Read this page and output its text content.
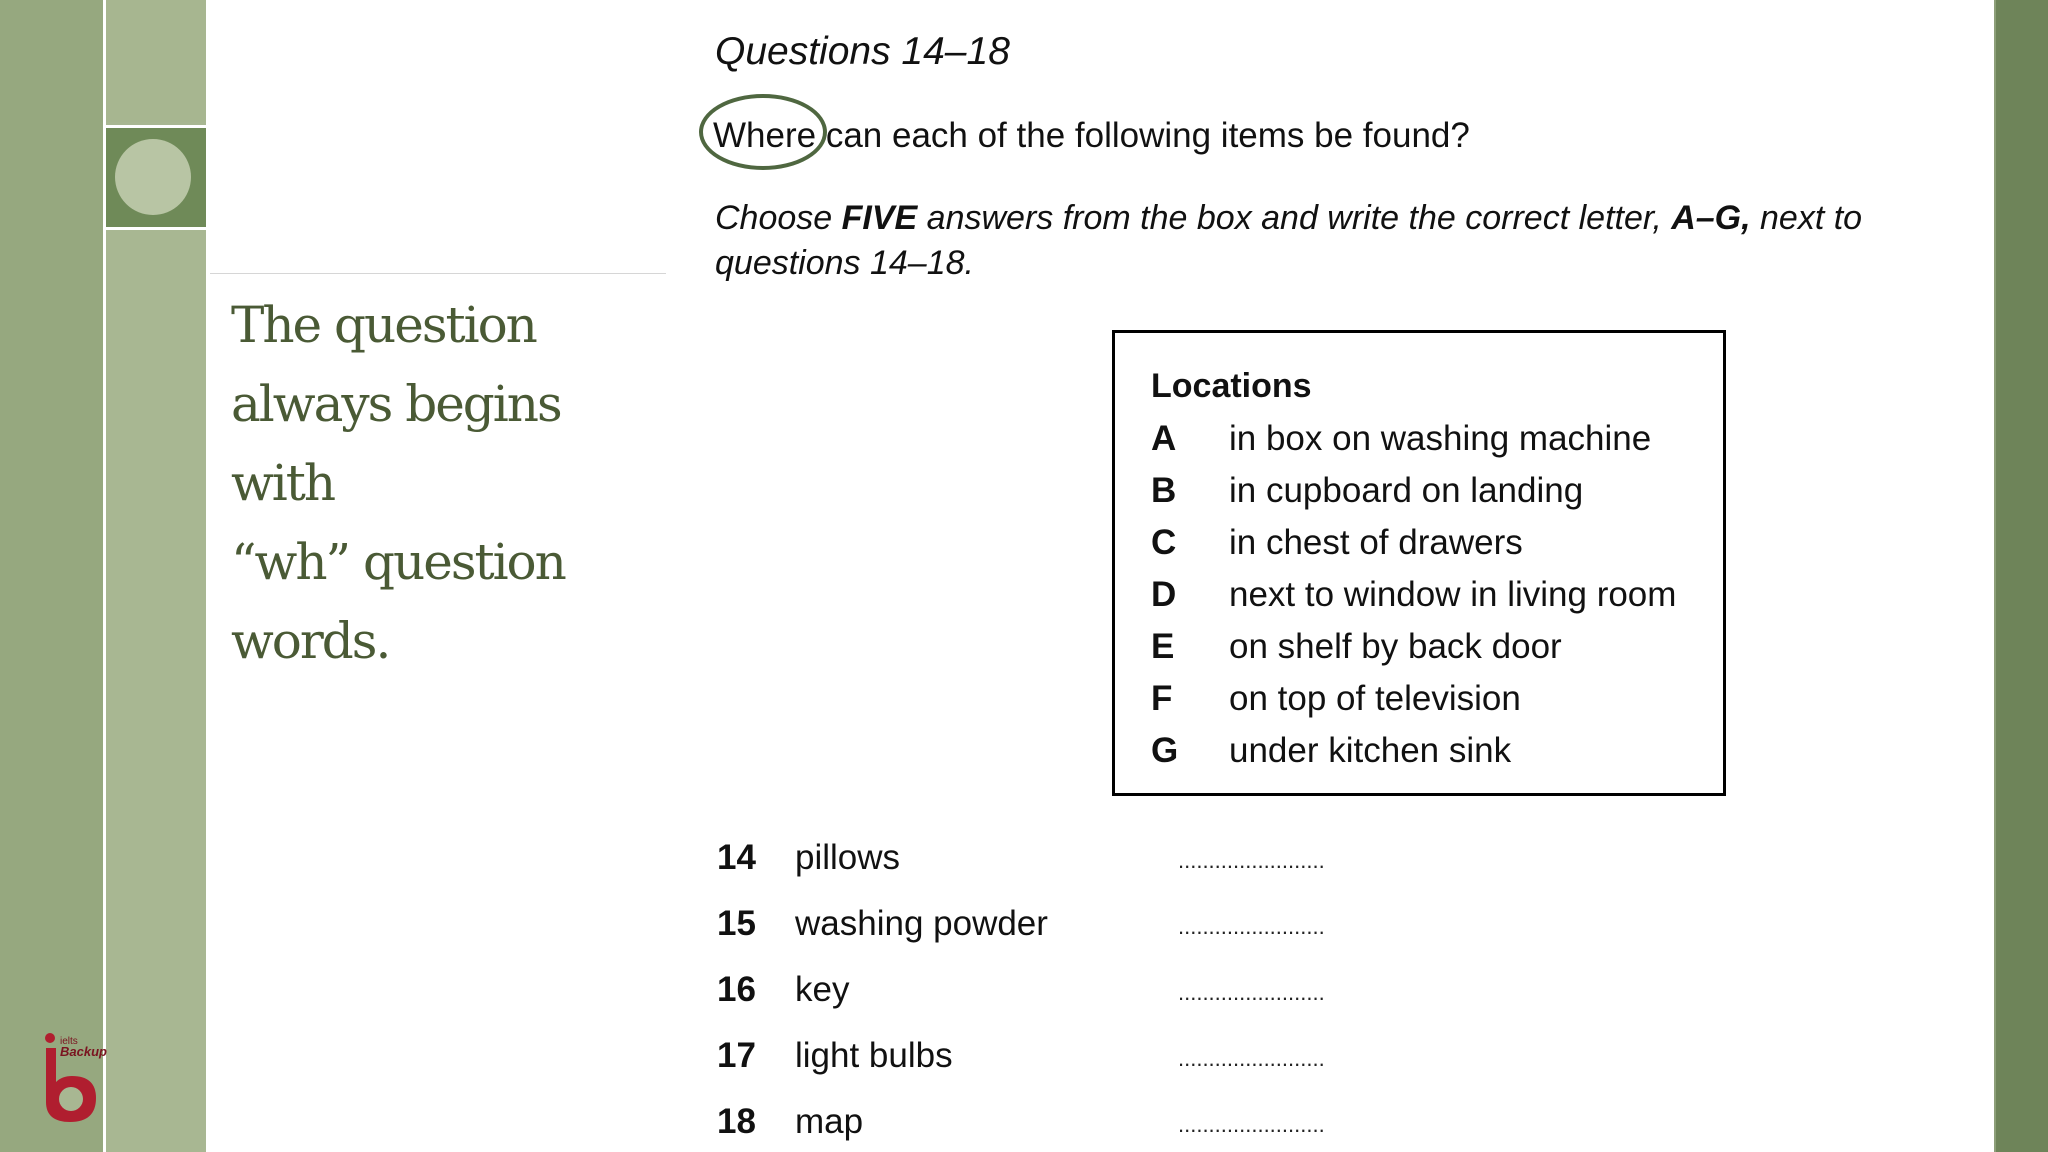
The question
always begins with
“wh” question
words.
ielts
Backup
Questions 14–18
Where can each of the following items be found?
Choose FIVE answers from the box and write the correct letter, A–G, next to questions 14–18.
Locations
A in box on washing machine
B in cupboard on landing
C in chest of drawers
D next to window in living room
E on shelf by back door
F on top of television
G under kitchen sink
14 pillows	........................
15 washing powder	........................
16 key	........................
17 light bulbs	........................
18 map	........................
